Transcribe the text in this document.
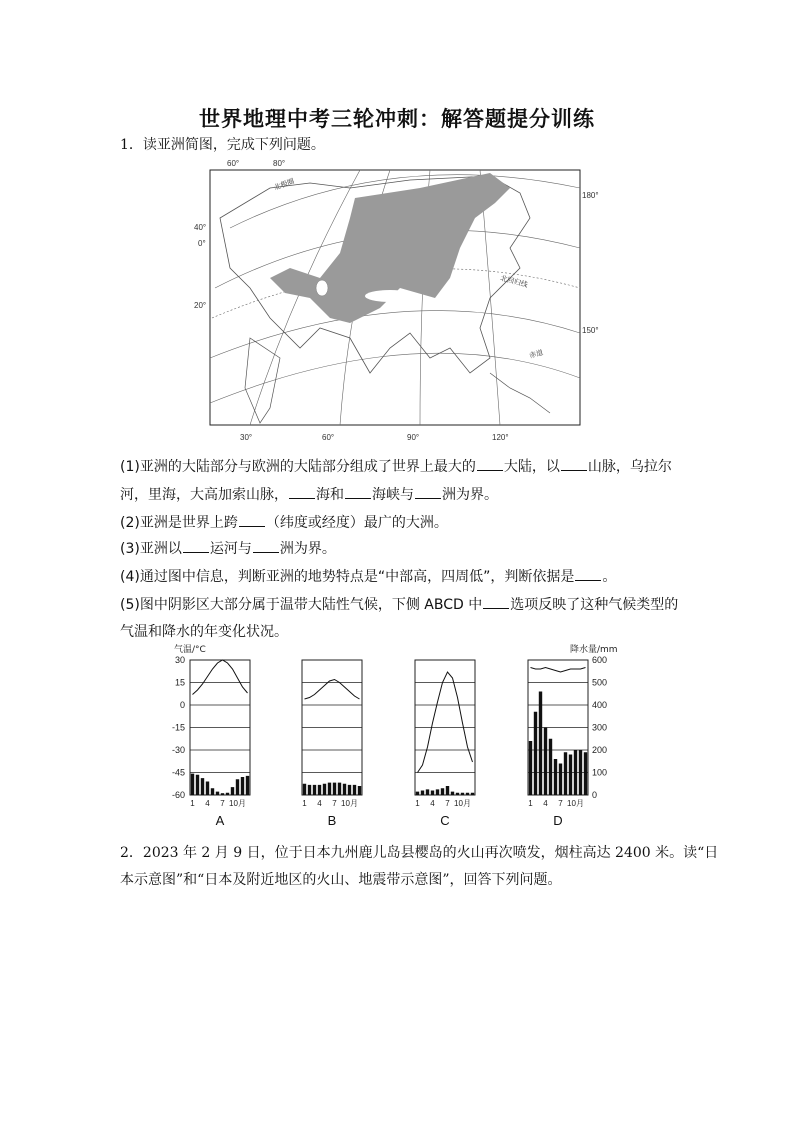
世界地理中考三轮冲刺：解答题提分训练
1．读亚洲简图，完成下列问题。
60°	80°
40°
0°
20°
180°
150°
30°	60°	90°	120°
北极圈
北回归线
赤道
(1)亚洲的大陆部分与欧洲的大陆部分组成了世界上最大的 大陆，以 山脉，乌拉尔
河，里海，大高加索山脉， 海和 海峡与 洲为界。
(2)亚洲是世界上跨 （纬度或经度）最广的大洲。
(3)亚洲以 运河与 洲为界。
(4)通过图中信息，判断亚洲的地势特点是“中部高，四周低”，判断依据是 。
(5)图中阴影区大部分属于温带大陆性气候，下侧 ABCD 中 选项反映了这种气候类型的
气温和降水的年变化状况。
气温/°C	降水量/mm
30
15
0
-15
-30
-45
-60
600
500
400
300
200
100
0
1 4 7 10月
A
1 4 7 10月
B
1 4 7 10月
C
1 4 7 10月
D
2．2023 年 2 月 9 日，位于日本九州鹿儿岛县樱岛的火山再次喷发，烟柱高达 2400 米。读“日
本示意图”和“日本及附近地区的火山、地震带示意图”，回答下列问题。
